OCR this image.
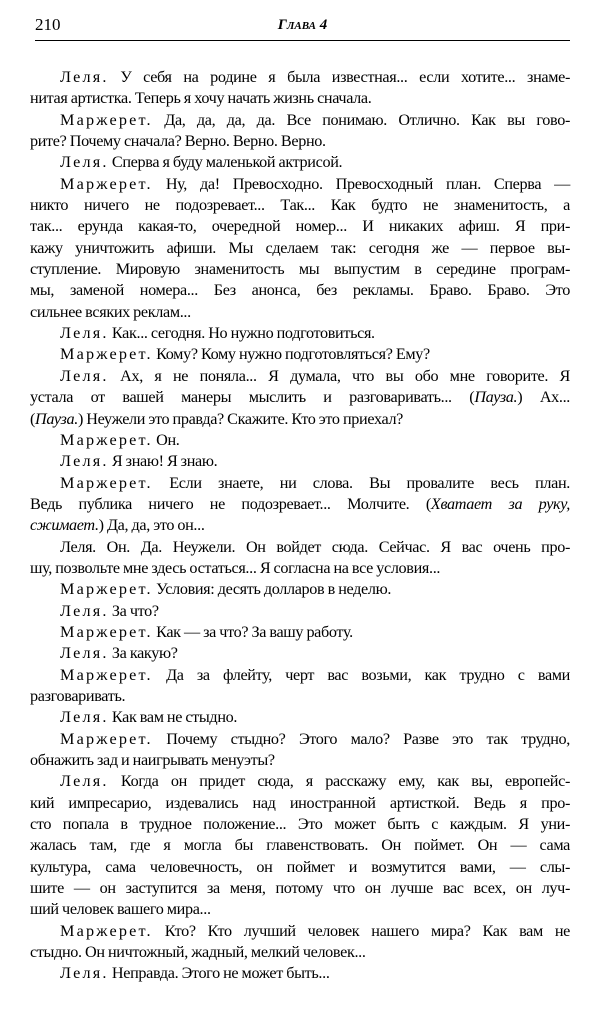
210	Глава 4

Леля. У себя на родине я была известная... если хотите... знаме-

нитая артистка. Теперь я хочу начать жизнь сначала.

Маржерет. Да, да, да, да. Все понимаю. Отлично. Как вы гово-

рите? Почему сначала? Верно. Верно. Верно.

Леля. Сперва я буду маленькой актрисой.

Маржерет. Ну, да! Превосходно. Превосходный план. Сперва —

никто ничего не подозревает... Так... Как будто не знаменитость, а

так... ерунда какая-то, очередной номер... И никаких афиш. Я при-

кажу уничтожить афиши. Мы сделаем так: сегодня же — первое вы-

ступление. Мировую знаменитость мы выпустим в середине програм-

мы, заменой номера... Без анонса, без рекламы. Браво. Браво. Это

сильнее всяких реклам...

Леля. Как... сегодня. Но нужно подготовиться.

Маржерет. Кому? Кому нужно подготовляться? Ему?

Леля. Ах, я не поняла... Я думала, что вы обо мне говорите. Я

устала от вашей манеры мыслить и разговаривать... (Пауза.) Ах...

(Пауза.) Неужели это правда? Скажите. Кто это приехал?

Маржерет. Он.

Леля. Я знаю! Я знаю.

Маржерет. Если знаете, ни слова. Вы провалите весь план.

Ведь публика ничего не подозревает... Молчите. (Хватает за руку,

сжимает.) Да, да, это он...

Леля. Он. Да. Неужели. Он войдет сюда. Сейчас. Я вас очень про-

шу, позвольте мне здесь остаться... Я согласна на все условия...

Маржерет. Условия: десять долларов в неделю.

Леля. За что?

Маржерет. Как — за что? За вашу работу.

Леля. За какую?

Маржерет. Да за флейту, черт вас возьми, как трудно с вами

разговаривать.

Леля. Как вам не стыдно.

Маржерет. Почему стыдно? Этого мало? Разве это так трудно,

обнажить зад и наигрывать менуэты?

Леля. Когда он придет сюда, я расскажу ему, как вы, европейс-

кий импресарио, издевались над иностранной артисткой. Ведь я про-

сто попала в трудное положение... Это может быть с каждым. Я уни-

жалась там, где я могла бы главенствовать. Он поймет. Он — сама

культура, сама человечность, он поймет и возмутится вами, — слы-

шите — он заступится за меня, потому что он лучше вас всех, он луч-

ший человек вашего мира...

Маржерет. Кто? Кто лучший человек нашего мира? Как вам не

стыдно. Он ничтожный, жадный, мелкий человек...

Леля. Неправда. Этого не может быть...
